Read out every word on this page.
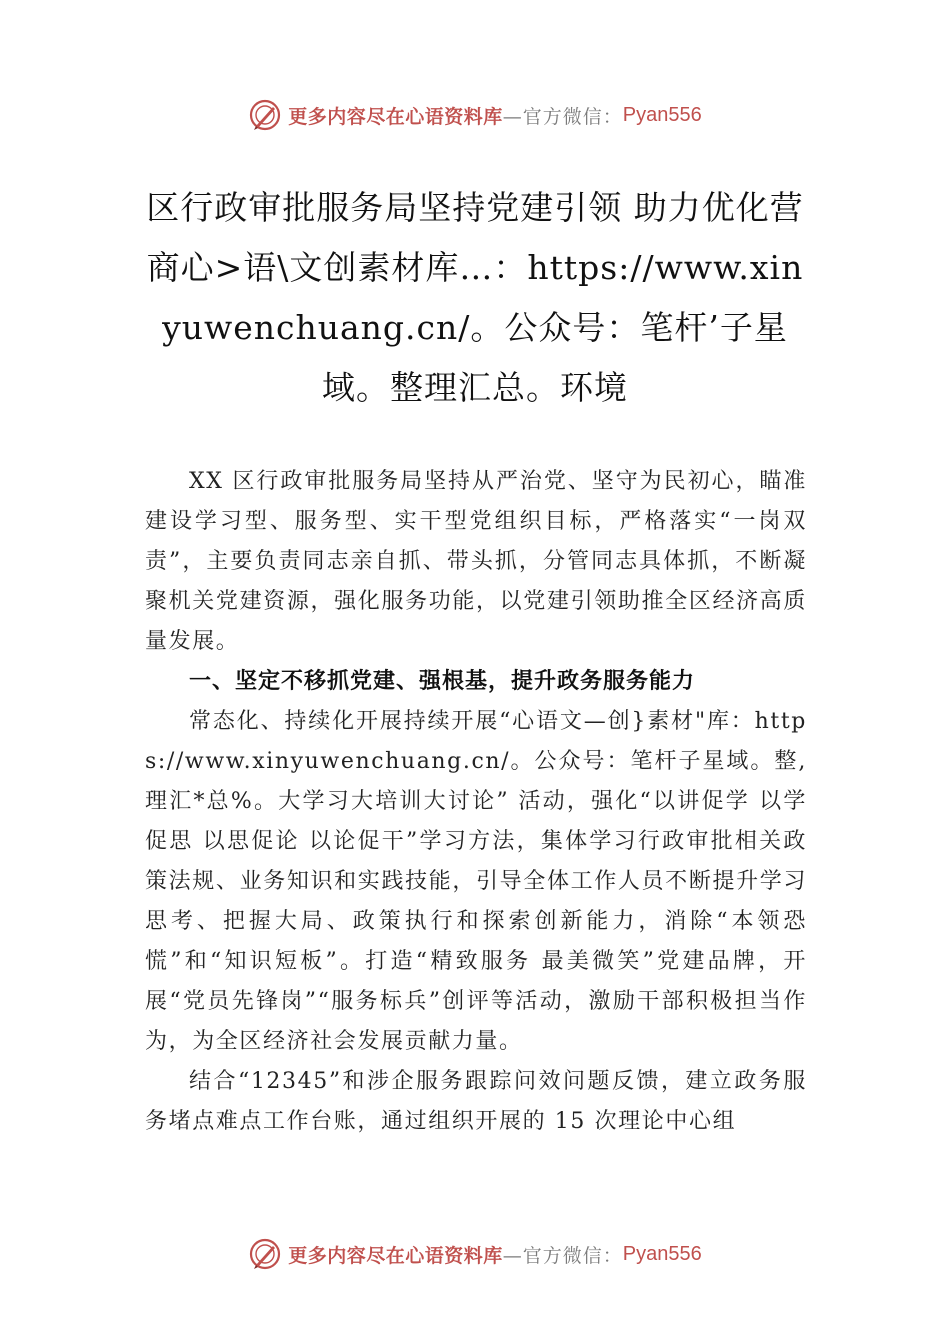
更多内容尽在心语资料库 —官方微信： Pyan556
区行政审批服务局坚持党建引领 助力优化营商心>语\文创素材库…：https://www.xinyuwenchuang.cn/。公众号：笔杆’子星域。整理汇总。环境

XX 区行政审批服务局坚持从严治党、坚守为民初心，瞄准建设学习型、服务型、实干型党组织目标，严格落实“一岗双责”，主要负责同志亲自抓、带头抓，分管同志具体抓，不断凝聚机关党建资源，强化服务功能，以党建引领助推全区经济高质量发展。

一、坚定不移抓党建、强根基，提升政务服务能力

常态化、持续化开展持续开展“心语文—创}素材"库：https://www.xinyuwenchuang.cn/。公众号：笔杆子星域。整,理汇*总%。大学习大培训大讨论” 活动，强化“以讲促学 以学促思 以思促论 以论促干”学习方法，集体学习行政审批相关政策法规、业务知识和实践技能，引导全体工作人员不断提升学习思考、把握大局、政策执行和探索创新能力，消除“本领恐慌”和“知识短板”。打造“精致服务 最美微笑”党建品牌，开展“党员先锋岗”“服务标兵”创评等活动，激励干部积极担当作为，为全区经济社会发展贡献力量。

结合“12345”和涉企服务跟踪问效问题反馈，建立政务服务堵点难点工作台账，通过组织开展的 15 次理论中心组

更多内容尽在心语资料库 —官方微信： Pyan556
